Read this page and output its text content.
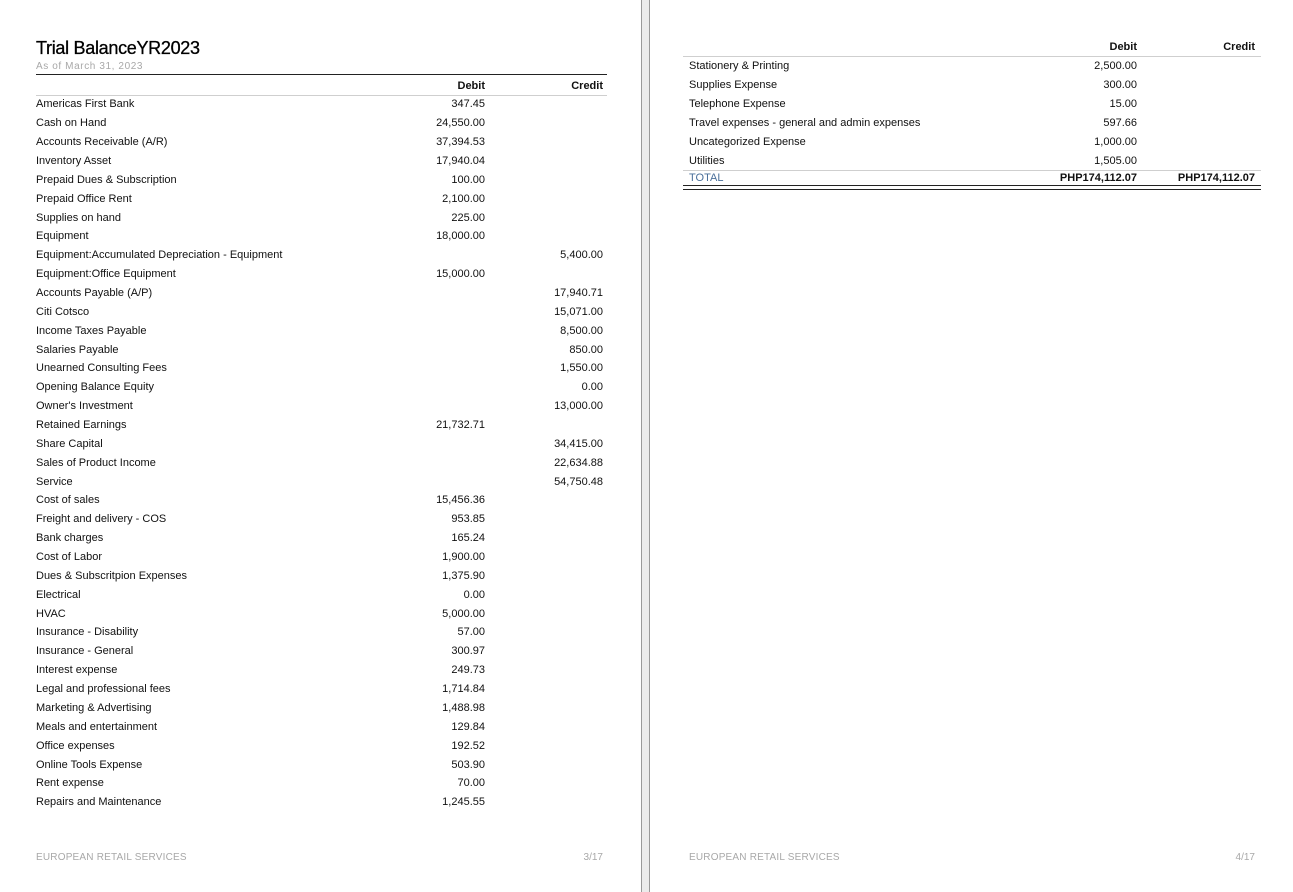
Trial BalanceYR2023
As of March 31, 2023
Debit	Credit
Americas First Bank	347.45	
Cash on Hand	24,550.00	
Accounts Receivable (A/R)	37,394.53	
Inventory Asset	17,940.04	
Prepaid Dues & Subscription	100.00	
Prepaid Office Rent	2,100.00	
Supplies on hand	225.00	
Equipment	18,000.00	
Equipment:Accumulated Depreciation - Equipment		5,400.00
Equipment:Office Equipment	15,000.00	
Accounts Payable (A/P)		17,940.71
Citi Cotsco		15,071.00
Income Taxes Payable		8,500.00
Salaries Payable		850.00
Unearned Consulting Fees		1,550.00
Opening Balance Equity		0.00
Owner's Investment		13,000.00
Retained Earnings	21,732.71	
Share Capital		34,415.00
Sales of Product Income		22,634.88
Service		54,750.48
Cost of sales	15,456.36	
Freight and delivery - COS	953.85	
Bank charges	165.24	
Cost of Labor	1,900.00	
Dues & Subscritpion Expenses	1,375.90	
Electrical	0.00	
HVAC	5,000.00	
Insurance - Disability	57.00	
Insurance - General	300.97	
Interest expense	249.73	
Legal and professional fees	1,714.84	
Marketing & Advertising	1,488.98	
Meals and entertainment	129.84	
Office expenses	192.52	
Online Tools Expense	503.90	
Rent expense	70.00	
Repairs and Maintenance	1,245.55	
EUROPEAN RETAIL SERVICES	3/17
Debit	Credit
Stationery & Printing	2,500.00
Supplies Expense	300.00
Telephone Expense	15.00
Travel expenses - general and admin expenses	597.66
Uncategorized Expense	1,000.00
Utilities	1,505.00
TOTAL	PHP174,112.07	PHP174,112.07
EUROPEAN RETAIL SERVICES	4/17
